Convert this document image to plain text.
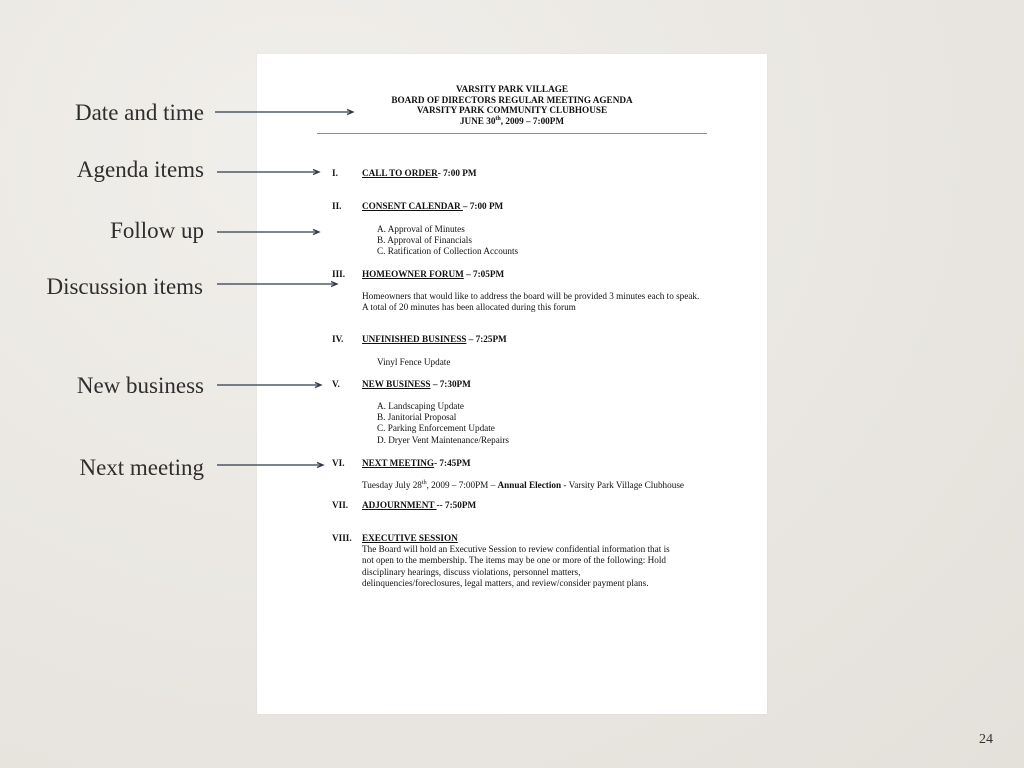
Date and time
Agenda items
Follow up
Discussion items
New business
Next meeting
VARSITY PARK VILLAGE
BOARD OF DIRECTORS REGULAR MEETING AGENDA
VARSITY PARK COMMUNITY CLUBHOUSE
JUNE 30th, 2009 – 7:00PM
I.	CALL TO ORDER- 7:00 PM
II. CONSENT CALENDAR – 7:00 PM
A. Approval of Minutes
B. Approval of Financials
C. Ratification of Collection Accounts
III. HOMEOWNER FORUM – 7:05PM
Homeowners that would like to address the board will be provided 3 minutes each to speak.
A total of 20 minutes has been allocated during this forum
IV. UNFINISHED BUSINESS – 7:25PM
Vinyl Fence Update
V. NEW BUSINESS – 7:30PM
A. Landscaping Update
B. Janitorial Proposal
C. Parking Enforcement Update
D. Dryer Vent Maintenance/Repairs
VI. NEXT MEETING- 7:45PM
Tuesday July 28th, 2009 – 7:00PM – Annual Election - Varsity Park Village Clubhouse
VII. ADJOURNMENT -- 7:50PM
VIII. EXECUTIVE SESSION
The Board will hold an Executive Session to review confidential information that is
not open to the membership. The items may be one or more of the following: Hold
disciplinary hearings, discuss violations, personnel matters,
delinquencies/foreclosures, legal matters, and review/consider payment plans.
24
